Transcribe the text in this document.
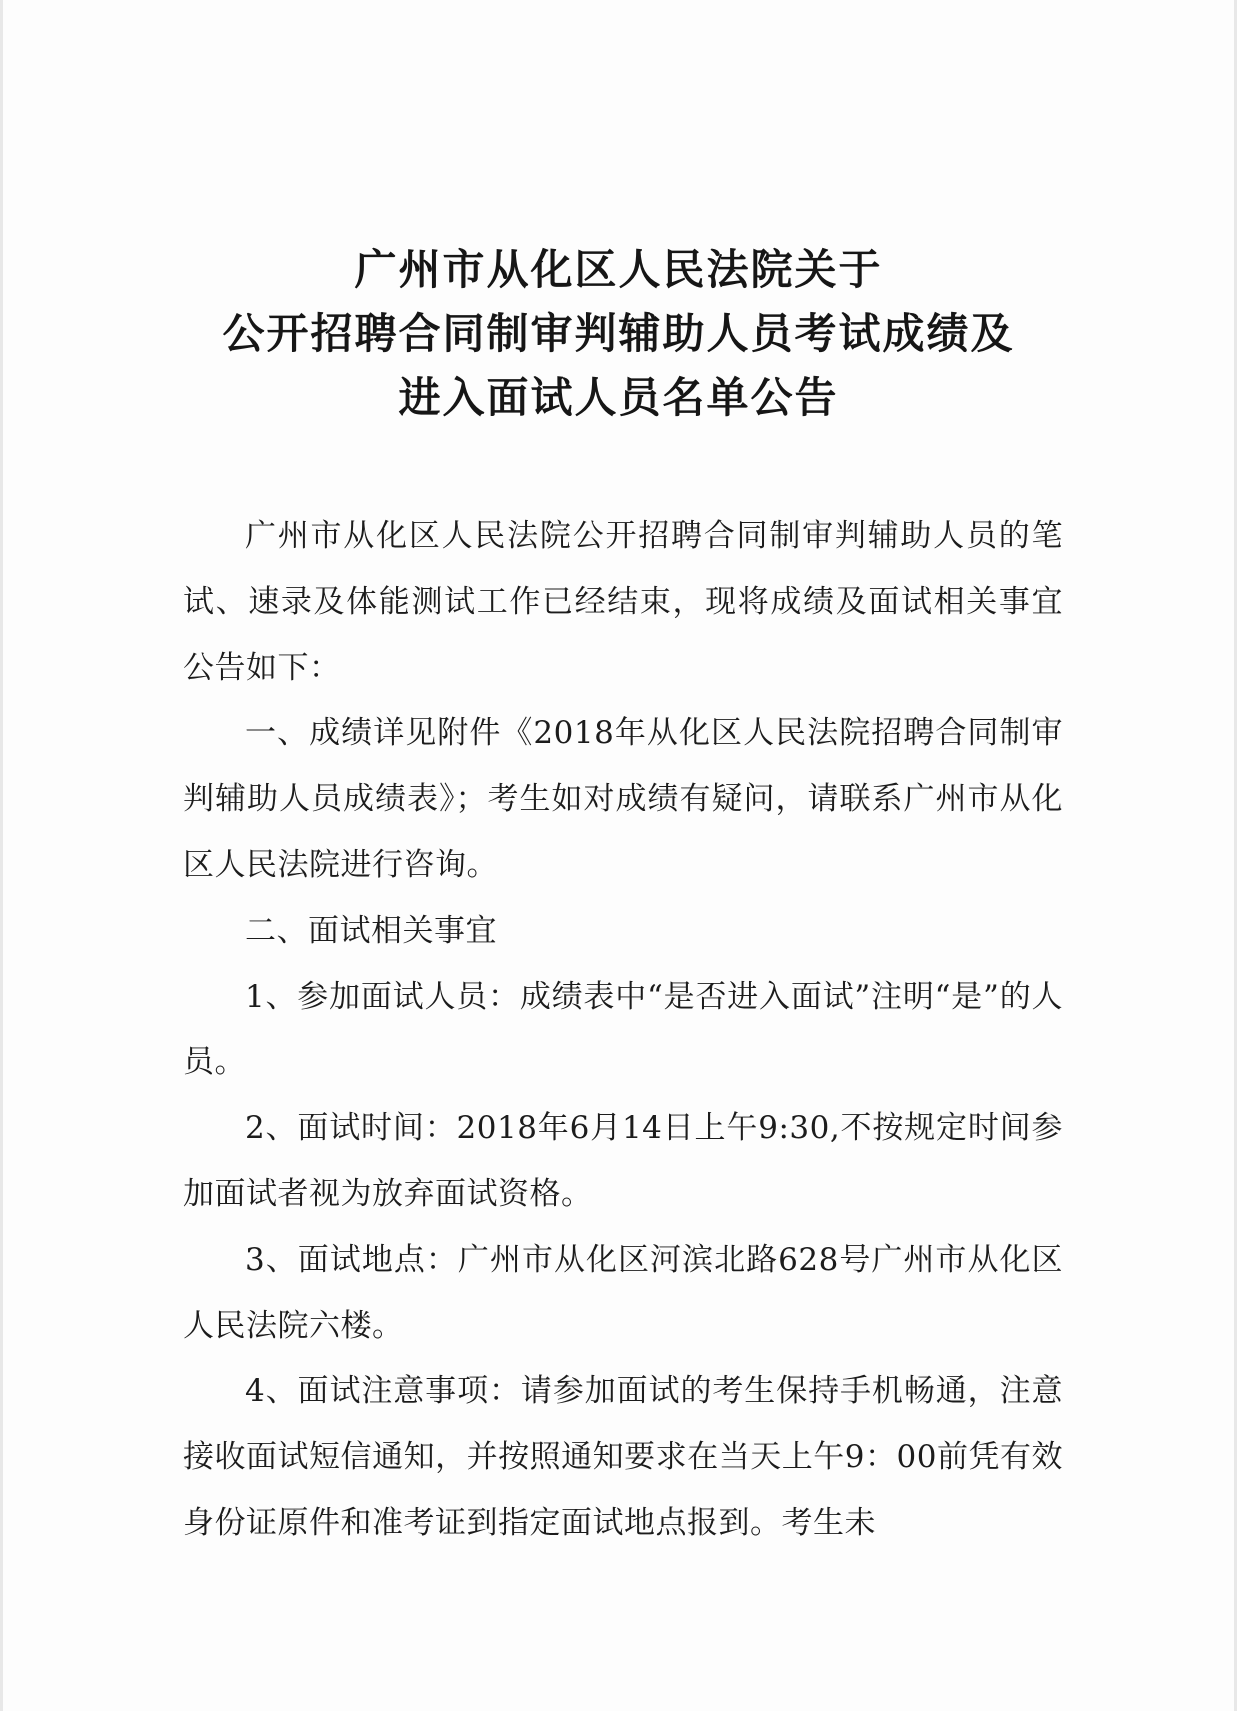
广州市从化区人民法院关于
公开招聘合同制审判辅助人员考试成绩及
进入面试人员名单公告

广州市从化区人民法院公开招聘合同制审判辅助人员的笔试、速录及体能测试工作已经结束，现将成绩及面试相关事宜公告如下：

一、成绩详见附件《2018年从化区人民法院招聘合同制审判辅助人员成绩表》；考生如对成绩有疑问，请联系广州市从化区人民法院进行咨询。

二、面试相关事宜

1、参加面试人员：成绩表中“是否进入面试”注明“是”的人员。

2、面试时间：2018年6月14日上午9:30,不按规定时间参加面试者视为放弃面试资格。

3、面试地点：广州市从化区河滨北路628号广州市从化区人民法院六楼。

4、面试注意事项：请参加面试的考生保持手机畅通，注意接收面试短信通知，并按照通知要求在当天上午9：00前凭有效身份证原件和准考证到指定面试地点报到。考生未
